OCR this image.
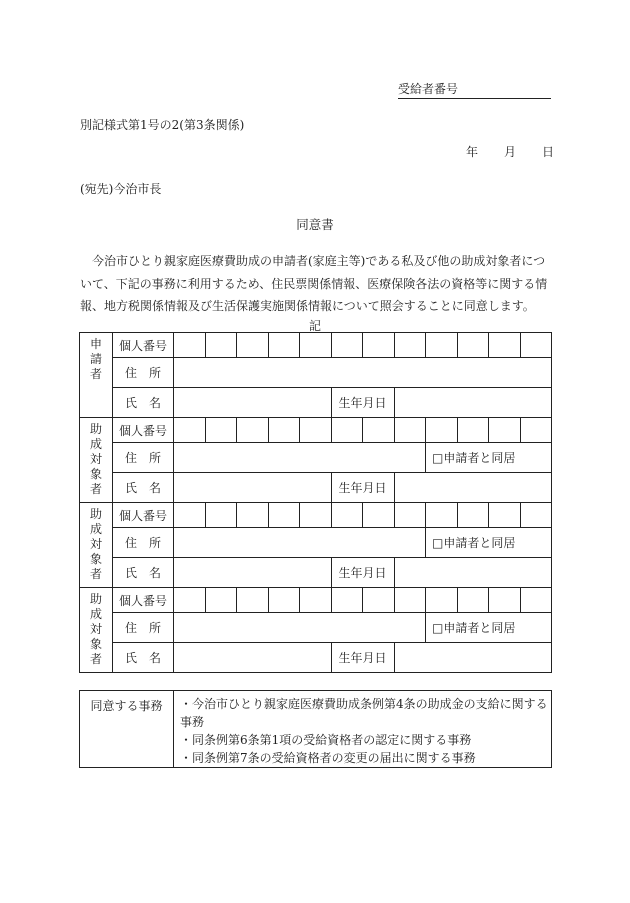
受給者番号
別記様式第1号の2(第3条関係)
年 月 日
(宛先)今治市長
同意書
今治市ひとり親家庭医療費助成の申請者(家庭主等)である私及び他の助成対象者について、下記の事務に利用するため、住民票関係情報、医療保険各法の資格等に関する情報、地方税関係情報及び生活保護実施関係情報について照会することに同意します。
記
申
請
者	個人番号												
	住　所												
	氏　名						生年月日						
助
成
対
象
者	個人番号												
	住　所									□申請者と同居			
	氏　名						生年月日						
助
成
対
象
者	個人番号												
	住　所									□申請者と同居			
	氏　名						生年月日						
助
成
対
象
者	個人番号												
	住　所									□申請者と同居			
	氏　名						生年月日						
同意する事務	・今治市ひとり親家庭医療費助成条例第4条の助成金の支給に関する事務
・同条例第6条第1項の受給資格者の認定に関する事務
・同条例第7条の受給資格者の変更の届出に関する事務
